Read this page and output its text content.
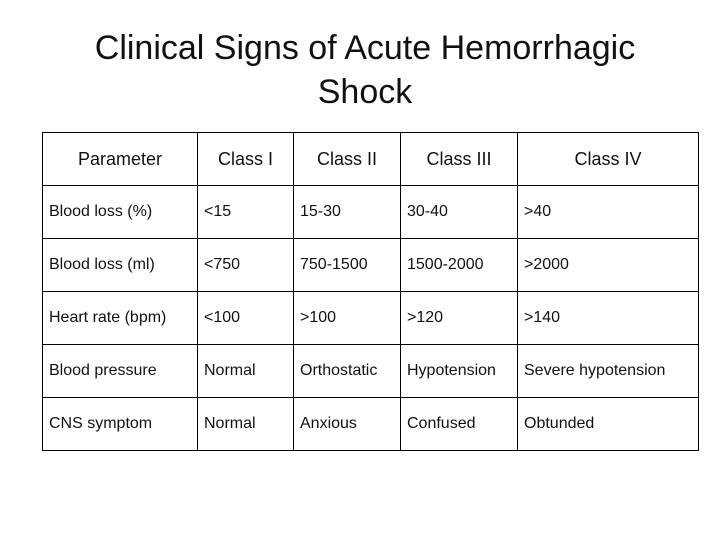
Clinical Signs of Acute Hemorrhagic
Shock
Parameter	Class I	Class II	Class III	Class IV
Blood loss (%)	<15	15-30	30-40	>40
Blood loss (ml)	<750	750-1500	1500-2000	>2000
Heart rate (bpm)	<100	>100	>120	>140
Blood pressure	Normal	Orthostatic	Hypotension	Severe hypotension
CNS symptom	Normal	Anxious	Confused	Obtunded
